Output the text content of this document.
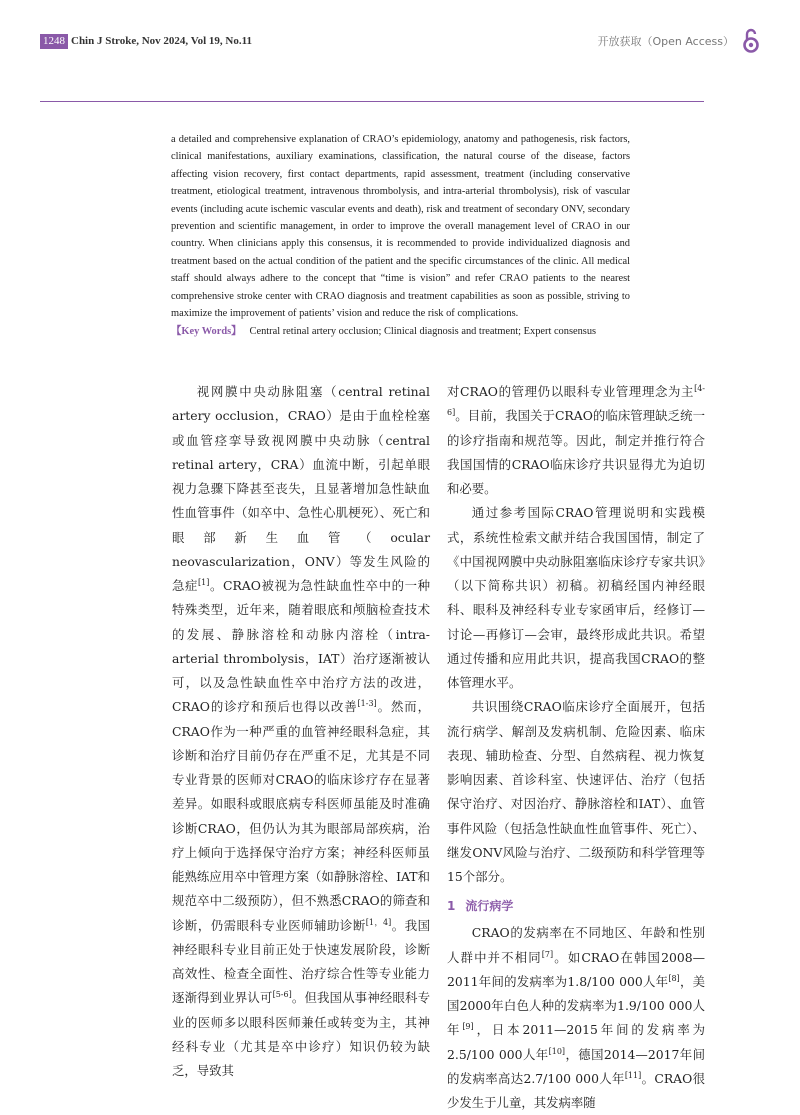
1248 Chin J Stroke, Nov 2024, Vol 19, No.11	开放获取（Open Access）

a detailed and comprehensive explanation of CRAO’s epidemiology, anatomy and pathogenesis, risk factors, clinical manifestations, auxiliary examinations, classification, the natural course of the disease, factors affecting vision recovery, first contact departments, rapid assessment, treatment (including conservative treatment, etiological treatment, intravenous thrombolysis, and intra-arterial thrombolysis), risk of vascular events (including acute ischemic vascular events and death), risk and treatment of secondary ONV, secondary prevention and scientific management, in order to improve the overall management level of CRAO in our country. When clinicians apply this consensus, it is recommended to provide individualized diagnosis and treatment based on the actual condition of the patient and the specific circumstances of the clinic. All medical staff should always adhere to the concept that “time is vision” and refer CRAO patients to the nearest comprehensive stroke center with CRAO diagnosis and treatment capabilities as soon as possible, striving to maximize the improvement of patients’ vision and reduce the risk of complications.

【Key Words】 Central retinal artery occlusion; Clinical diagnosis and treatment; Expert consensus

视网膜中央动脉阻塞（central retinal artery occlusion，CRAO）是由于血栓栓塞或血管痉挛导致视网膜中央动脉（central retinal artery，CRA）血流中断，引起单眼视力急骤下降甚至丧失，且显著增加急性缺血性血管事件（如卒中、急性心肌梗死）、死亡和眼部新生血管（ocular neovascularization，ONV）等发生风险的急症[1]。CRAO被视为急性缺血性卒中的一种特殊类型，近年来，随着眼底和颅脑检查技术的发展、静脉溶栓和动脉内溶栓（intra-arterial thrombolysis，IAT）治疗逐渐被认可，以及急性缺血性卒中治疗方法的改进，CRAO的诊疗和预后也得以改善[1-3]。然而，CRAO作为一种严重的血管神经眼科急症，其诊断和治疗目前仍存在严重不足，尤其是不同专业背景的医师对CRAO的临床诊疗存在显著差异。如眼科或眼底病专科医师虽能及时准确诊断CRAO，但仍认为其为眼部局部疾病，治疗上倾向于选择保守治疗方案；神经科医师虽能熟练应用卒中管理方案（如静脉溶栓、IAT和规范卒中二级预防），但不熟悉CRAO的筛查和诊断，仍需眼科专业医师辅助诊断[1，4]。我国神经眼科专业目前正处于快速发展阶段，诊断高效性、检查全面性、治疗综合性等专业能力逐渐得到业界认可[5-6]。但我国从事神经眼科专业的医师多以眼科医师兼任或转变为主，其神经科专业（尤其是卒中诊疗）知识仍较为缺乏，导致其

对CRAO的管理仍以眼科专业管理理念为主[4-6]。目前，我国关于CRAO的临床管理缺乏统一的诊疗指南和规范等。因此，制定并推行符合我国国情的CRAO临床诊疗共识显得尤为迫切和必要。

通过参考国际CRAO管理说明和实践模式，系统性检索文献并结合我国国情，制定了《中国视网膜中央动脉阻塞临床诊疗专家共识》（以下简称共识）初稿。初稿经国内神经眼科、眼科及神经科专业专家函审后，经修订—讨论—再修订—会审，最终形成此共识。希望通过传播和应用此共识，提高我国CRAO的整体管理水平。

共识围绕CRAO临床诊疗全面展开，包括流行病学、解剖及发病机制、危险因素、临床表现、辅助检查、分型、自然病程、视力恢复影响因素、首诊科室、快速评估、治疗（包括保守治疗、对因治疗、静脉溶栓和IAT）、血管事件风险（包括急性缺血性血管事件、死亡）、继发ONV风险与治疗、二级预防和科学管理等15个部分。

1 流行病学

CRAO的发病率在不同地区、年龄和性别人群中并不相同[7]。如CRAO在韩国2008—2011年间的发病率为1.8/100 000人年[8]，美国2000年白色人种的发病率为1.9/100 000人年[9]，日本2011—2015年间的发病率为2.5/100 000人年[10]，德国2014—2017年间的发病率高达2.7/100 000人年[11]。CRAO很少发生于儿童，其发病率随
